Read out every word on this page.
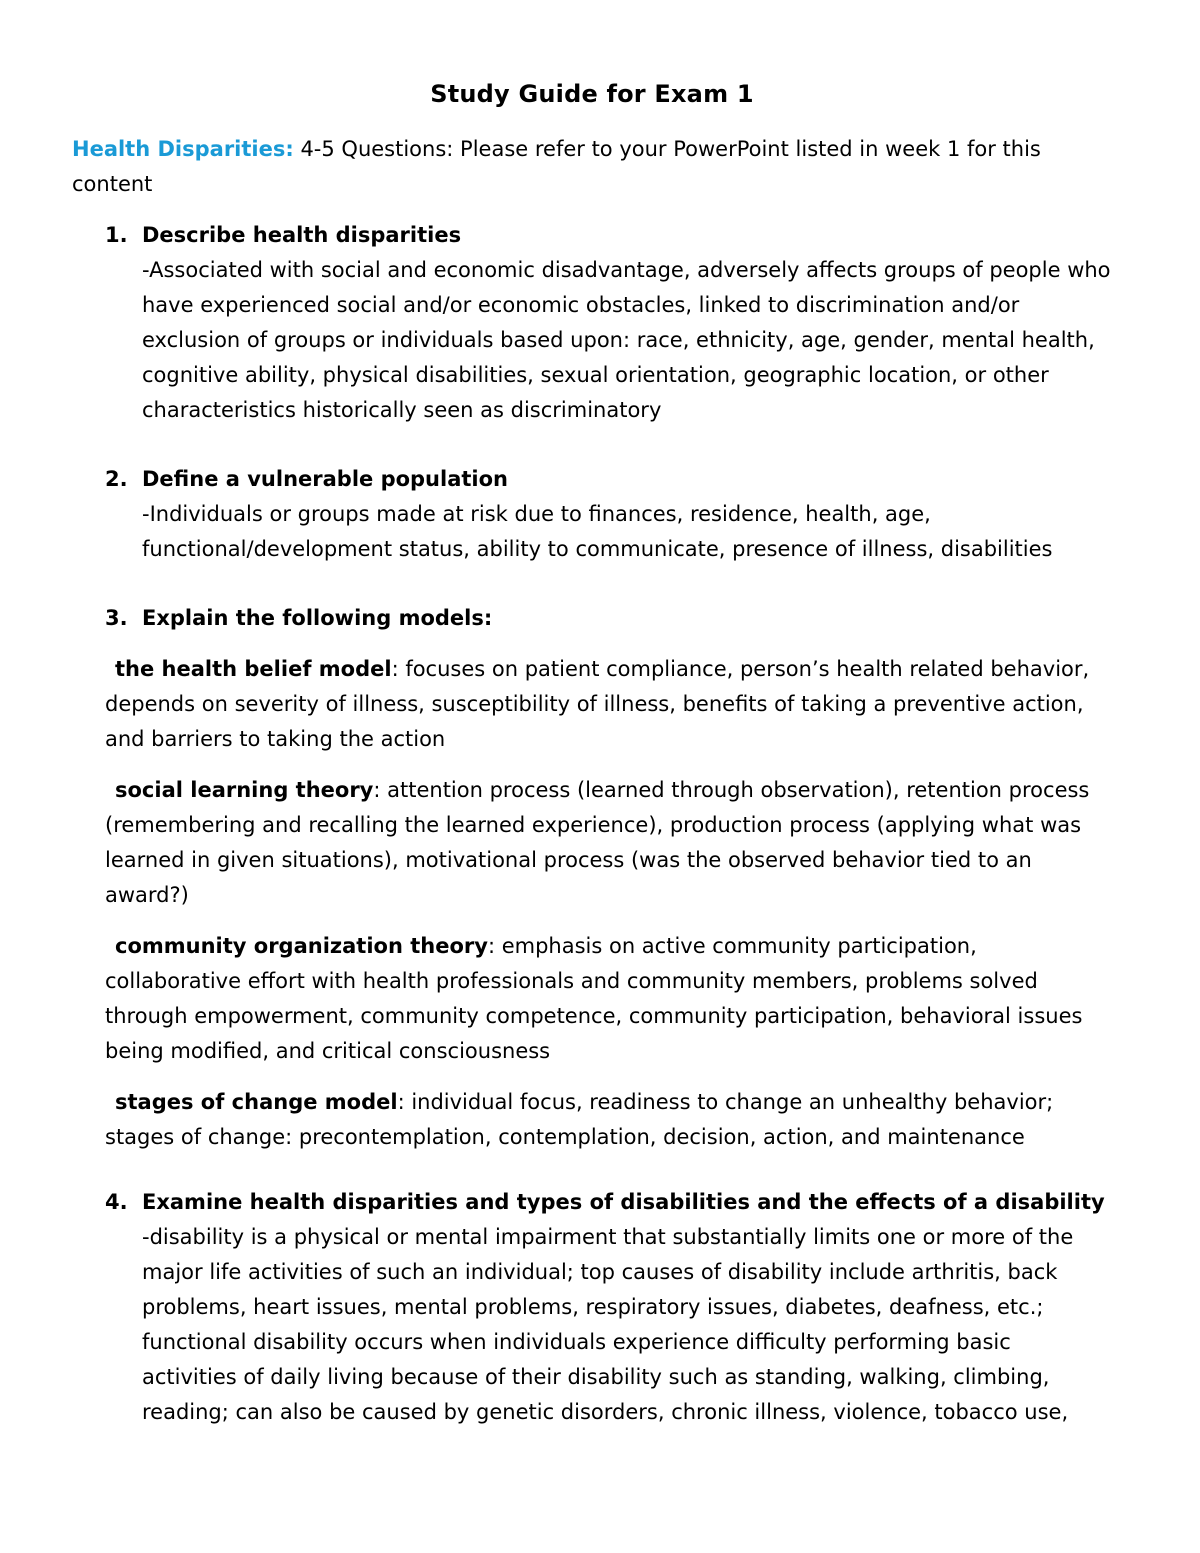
Study Guide for Exam 1

Health Disparities: 4-5 Questions: Please refer to your PowerPoint listed in week 1 for this content

1. Describe health disparities
-Associated with social and economic disadvantage, adversely affects groups of people who have experienced social and/or economic obstacles, linked to discrimination and/or exclusion of groups or individuals based upon: race, ethnicity, age, gender, mental health, cognitive ability, physical disabilities, sexual orientation, geographic location, or other characteristics historically seen as discriminatory
2. Define a vulnerable population
-Individuals or groups made at risk due to finances, residence, health, age, functional/development status, ability to communicate, presence of illness, disabilities
3. Explain the following models:

the health belief model: focuses on patient compliance, person’s health related behavior, depends on severity of illness, susceptibility of illness, benefits of taking a preventive action, and barriers to taking the action

social learning theory: attention process (learned through observation), retention process (remembering and recalling the learned experience), production process (applying what was learned in given situations), motivational process (was the observed behavior tied to an award?)

community organization theory: emphasis on active community participation, collaborative effort with health professionals and community members, problems solved through empowerment, community competence, community participation, behavioral issues being modified, and critical consciousness

stages of change model: individual focus, readiness to change an unhealthy behavior; stages of change: precontemplation, contemplation, decision, action, and maintenance

4. Examine health disparities and types of disabilities and the effects of a disability
-disability is a physical or mental impairment that substantially limits one or more of the major life activities of such an individual; top causes of disability include arthritis, back problems, heart issues, mental problems, respiratory issues, diabetes, deafness, etc.; functional disability occurs when individuals experience difficulty performing basic activities of daily living because of their disability such as standing, walking, climbing, reading; can also be caused by genetic disorders, chronic illness, violence, tobacco use,
